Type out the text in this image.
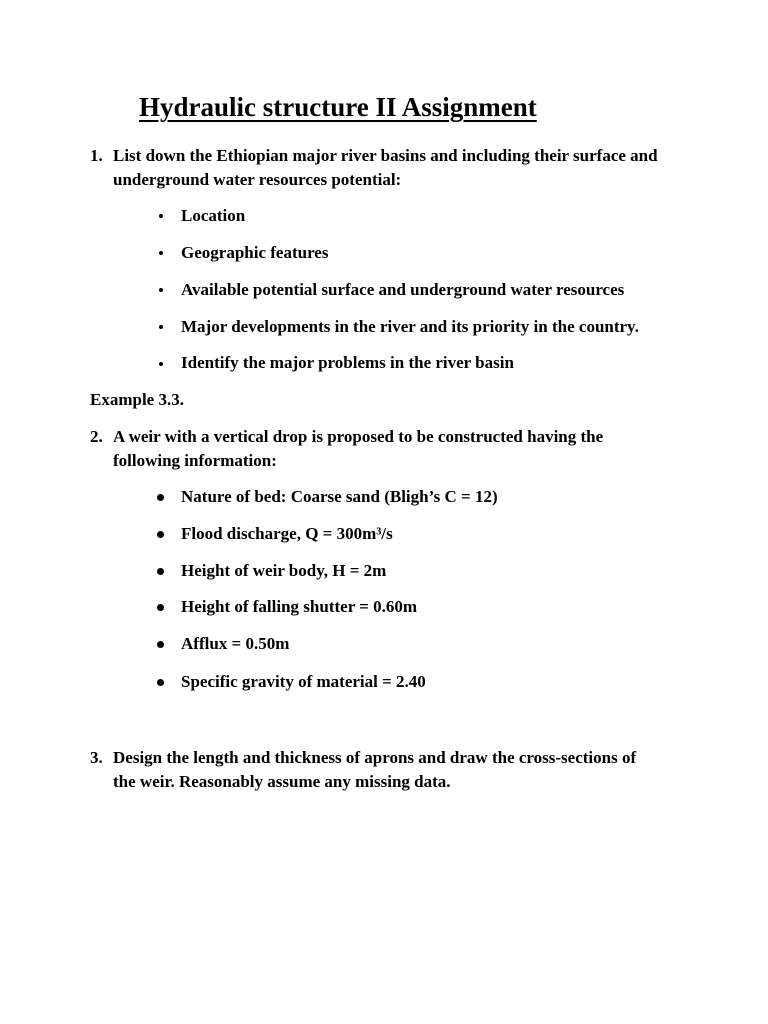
Hydraulic structure II Assignment
1. List down the Ethiopian major river basins and including their surface and
underground water resources potential:
Location
Geographic features
Available potential surface and underground water resources
Major developments in the river and its priority in the country.
Identify the major problems in the river basin
Example 3.3.
2. A weir with a vertical drop is proposed to be constructed having the
following information:
Nature of bed: Coarse sand (Bligh’s C = 12)
Flood discharge, Q = 300m³/s
Height of weir body, H = 2m
Height of falling shutter = 0.60m
Afflux = 0.50m
Specific gravity of material = 2.40
3. Design the length and thickness of aprons and draw the cross-sections of
the weir. Reasonably assume any missing data.
